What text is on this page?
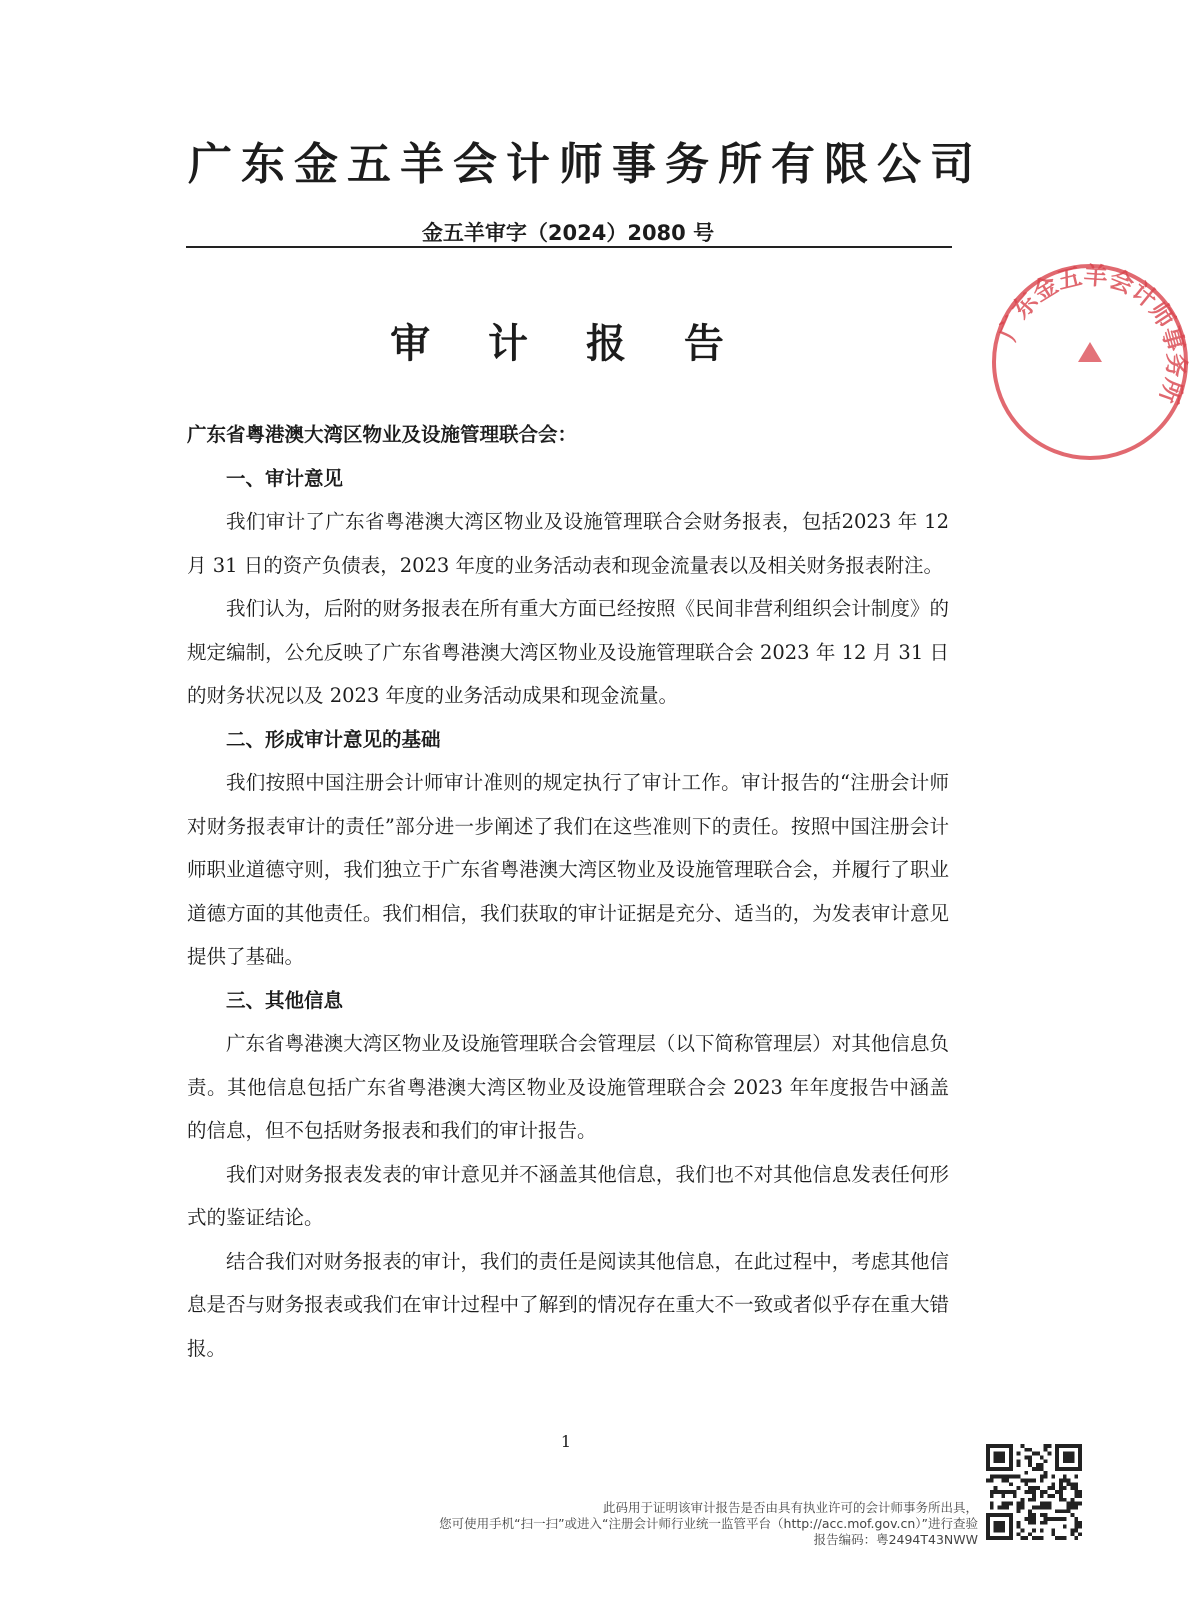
广东金五羊会计师事务所有限公司
金五羊审字（2024）2080 号
审 计 报 告	广东金五羊会计师事务所

广东省粤港澳大湾区物业及设施管理联合会：

一、审计意见

我们审计了广东省粤港澳大湾区物业及设施管理联合会财务报表，包括2023 年 12 月 31 日的资产负债表，2023 年度的业务活动表和现金流量表以及相关财务报表附注。

我们认为，后附的财务报表在所有重大方面已经按照《民间非营利组织会计制度》的规定编制，公允反映了广东省粤港澳大湾区物业及设施管理联合会 2023 年 12 月 31 日的财务状况以及 2023 年度的业务活动成果和现金流量。

二、形成审计意见的基础

我们按照中国注册会计师审计准则的规定执行了审计工作。审计报告的“注册会计师对财务报表审计的责任”部分进一步阐述了我们在这些准则下的责任。按照中国注册会计师职业道德守则，我们独立于广东省粤港澳大湾区物业及设施管理联合会，并履行了职业道德方面的其他责任。我们相信，我们获取的审计证据是充分、适当的，为发表审计意见提供了基础。

三、其他信息

广东省粤港澳大湾区物业及设施管理联合会管理层（以下简称管理层）对其他信息负责。其他信息包括广东省粤港澳大湾区物业及设施管理联合会 2023 年年度报告中涵盖的信息，但不包括财务报表和我们的审计报告。

我们对财务报表发表的审计意见并不涵盖其他信息，我们也不对其他信息发表任何形式的鉴证结论。

结合我们对财务报表的审计，我们的责任是阅读其他信息，在此过程中，考虑其他信息是否与财务报表或我们在审计过程中了解到的情况存在重大不一致或者似乎存在重大错报。

1
此码用于证明该审计报告是否由具有执业许可的会计师事务所出具，
您可使用手机“扫一扫”或进入“注册会计师行业统一监管平台（http://acc.mof.gov.cn）”进行查验
报告编码：粤2494T43NWW
